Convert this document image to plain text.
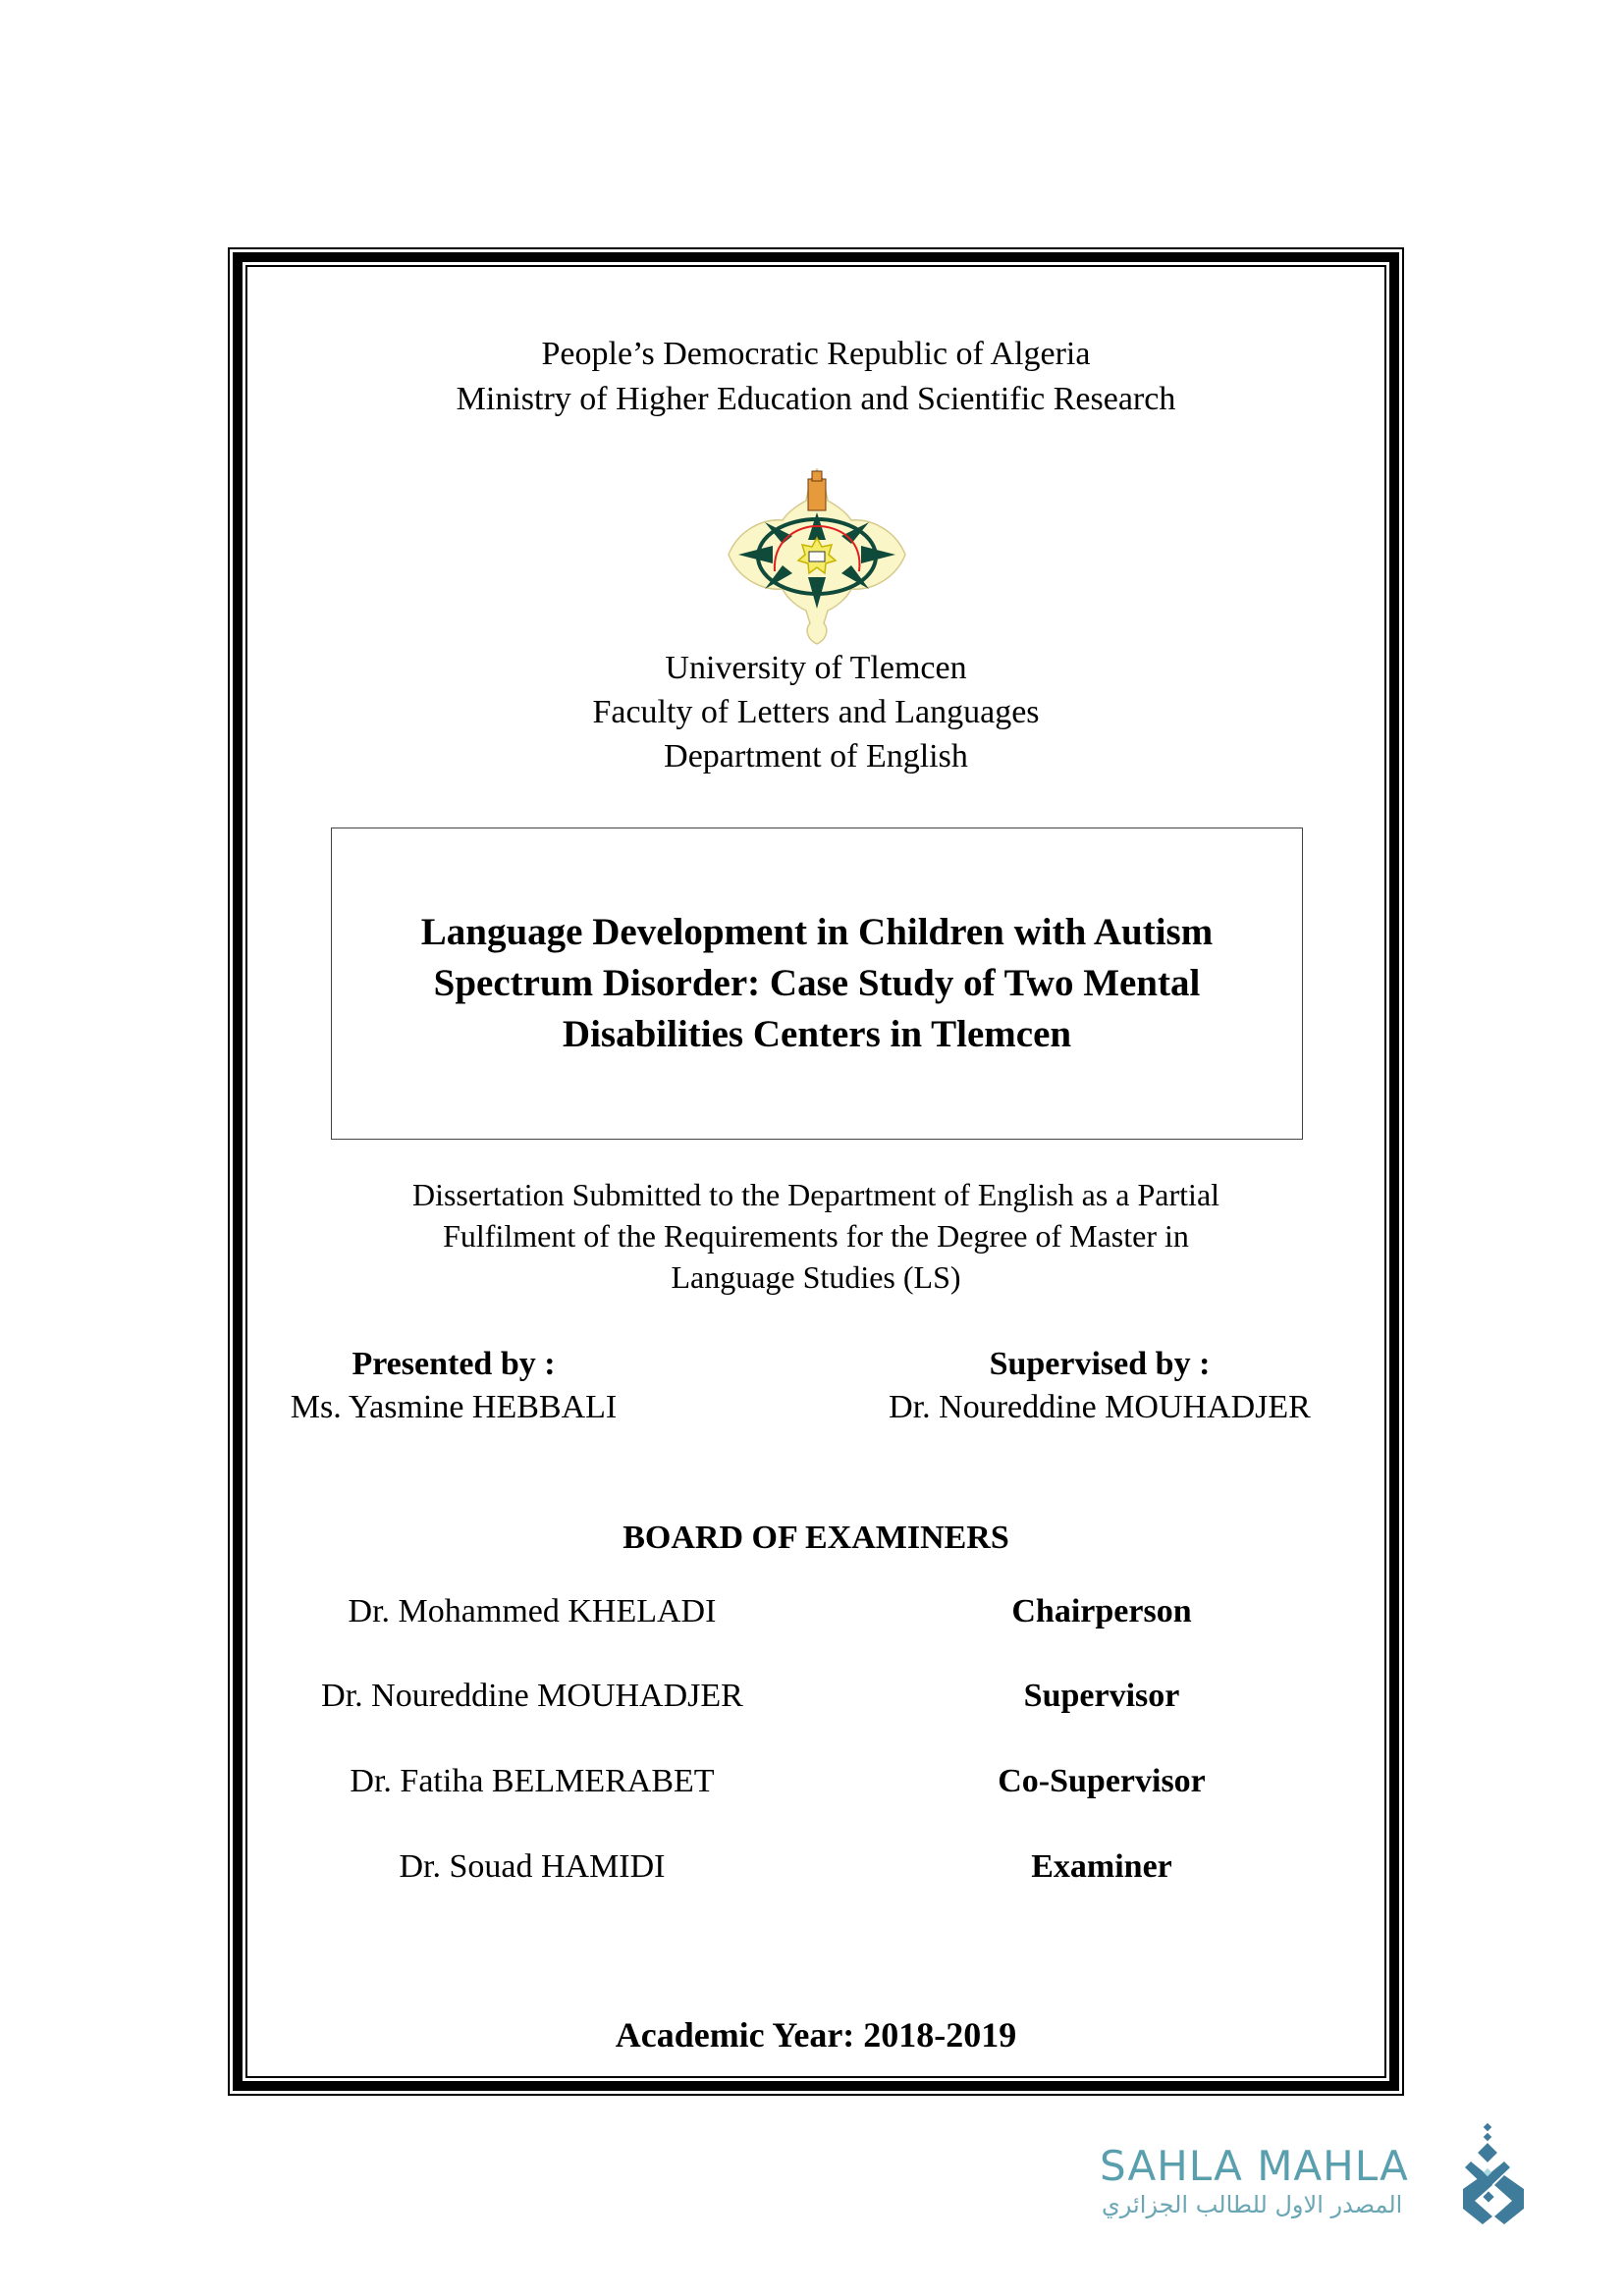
People’s Democratic Republic of Algeria
Ministry of Higher Education and Scientific Research
University of Tlemcen
Faculty of Letters and Languages
Department of English
Language Development in Children with Autism
Spectrum Disorder: Case Study of Two Mental
Disabilities Centers in Tlemcen
Dissertation Submitted to the Department of English as a Partial
Fulfilment of the Requirements for the Degree of Master in
Language Studies (LS)
Presented by :
Ms. Yasmine HEBBALI
Supervised by :
Dr. Noureddine MOUHADJER
BOARD OF EXAMINERS
Dr. Mohammed KHELADI	Chairperson
Dr. Noureddine MOUHADJER	Supervisor
Dr. Fatiha BELMERABET	Co-Supervisor
Dr. Souad HAMIDI	Examiner
Academic Year: 2018-2019
SAHLA MAHLA
المصدر الاول للطالب الجزائري
